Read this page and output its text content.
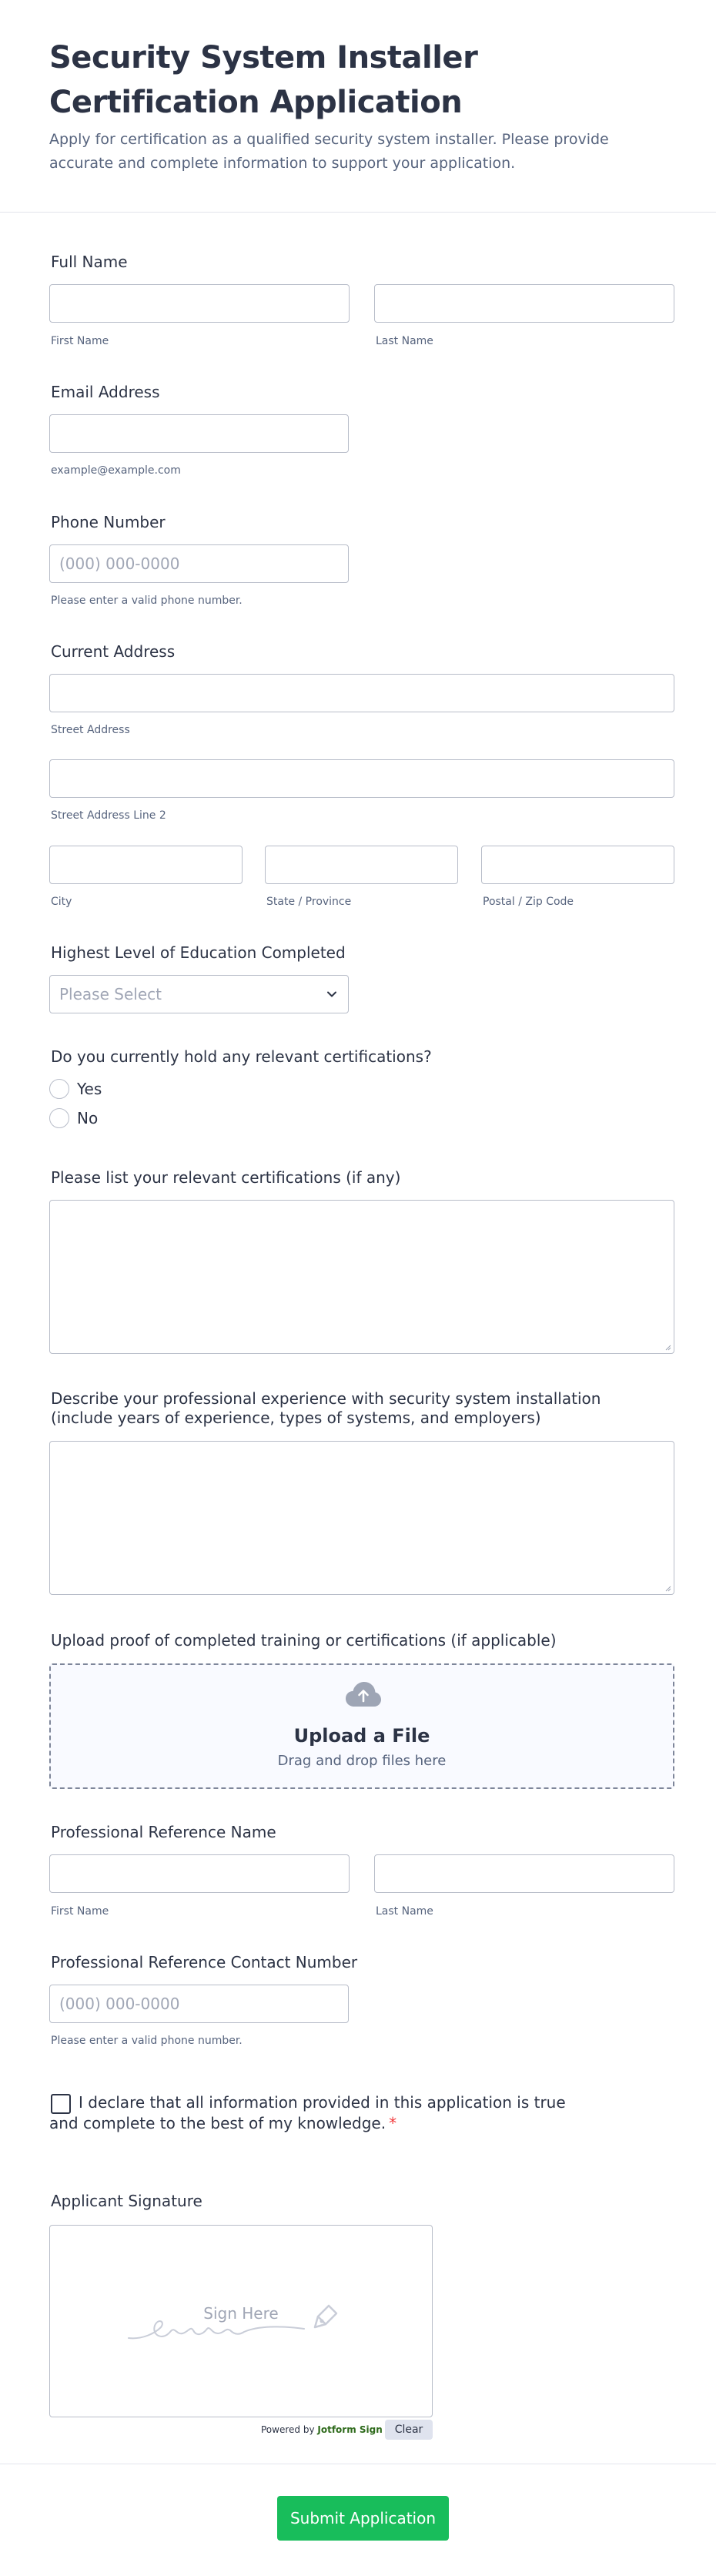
Security System Installer Certification Application

Apply for certification as a qualified security system installer. Please provide accurate and complete information to support your application.

Full Name
First Name	Last Name
Email Address
example@example.com
Phone Number
(000) 000-0000
Please enter a valid phone number.
Current Address
Street Address
Street Address Line 2
City	State / Province	Postal / Zip Code
Highest Level of Education Completed
Please Select
Do you currently hold any relevant certifications?
Yes
No
Please list your relevant certifications (if any)
Describe your professional experience with security system installation (include years of experience, types of systems, and employers)
Upload proof of completed training or certifications (if applicable)
Upload a File
Drag and drop files here
Professional Reference Name
First Name	Last Name
Professional Reference Contact Number
(000) 000-0000
Please enter a valid phone number.
I declare that all information provided in this application is true and complete to the best of my knowledge. *
Applicant Signature
Sign Here
Powered by Jotform Sign	Clear
Submit Application
